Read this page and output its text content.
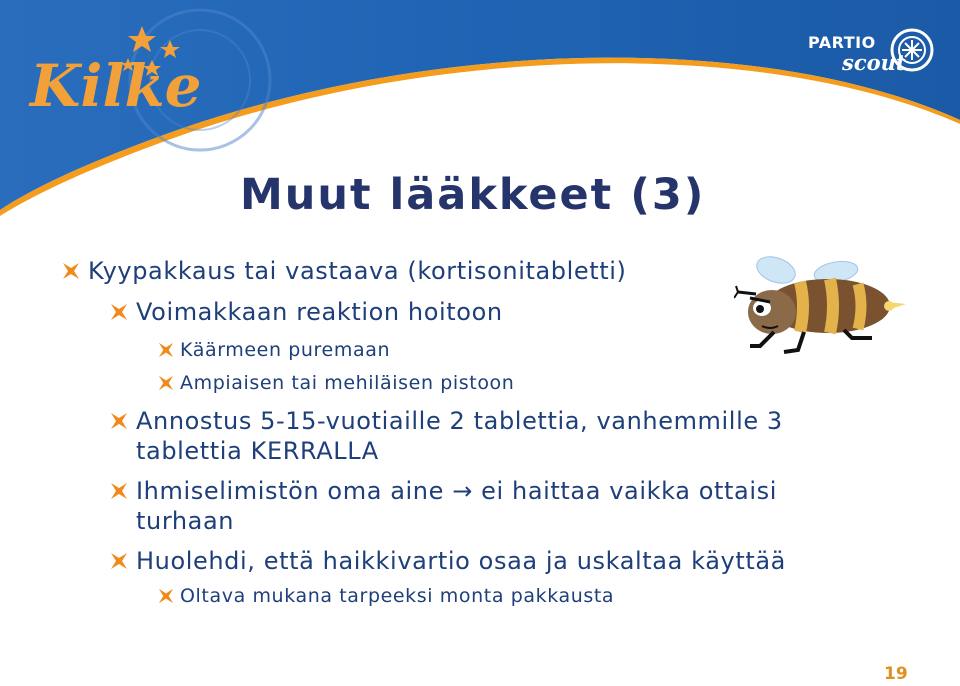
Kilke
PARTIO
scout
Muut lääkkeet (3)
Kyypakkaus tai vastaava (kortisonitabletti)
Voimakkaan reaktion hoitoon
Käärmeen puremaan
Ampiaisen tai mehiläisen pistoon
Annostus 5-15-vuotiaille 2 tablettia, vanhemmille 3 tablettia KERRALLA
Ihmiselimistön oma aine → ei haittaa vaikka ottaisi turhaan
Huolehdi, että haikkivartio osaa ja uskaltaa käyttää
Oltava mukana tarpeeksi monta pakkausta
19
